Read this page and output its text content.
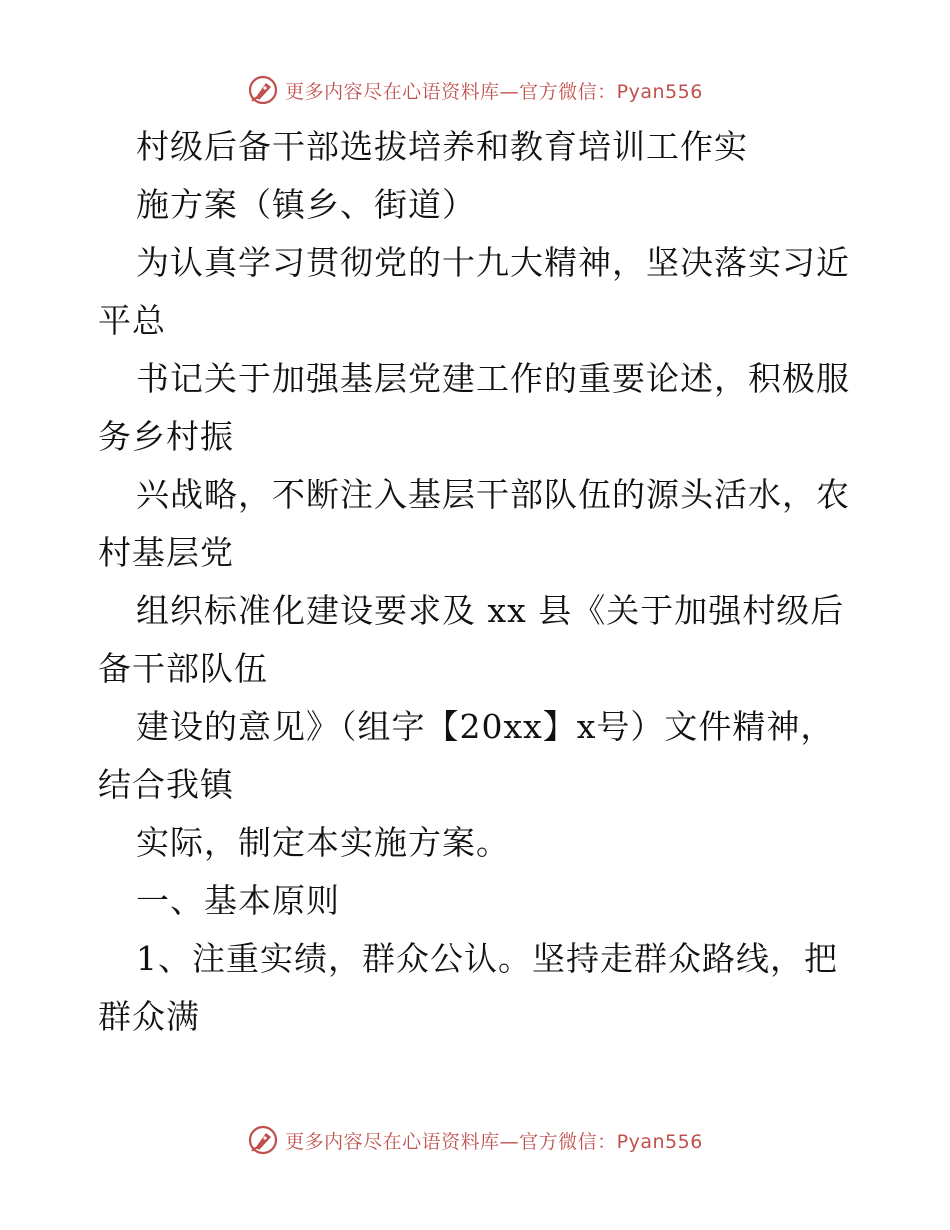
更多内容尽在心语资料库—官方微信：Pyan556
村级后备干部选拔培养和教育培训工作实
施方案（镇乡、街道）
为认真学习贯彻党的十九大精神，坚决落实习近
平总
书记关于加强基层党建工作的重要论述，积极服
务乡村振
兴战略，不断注入基层干部队伍的源头活水，农
村基层党
组织标准化建设要求及 xx 县《关于加强村级后
备干部队伍
建设的意见》（组字【20xx】x号）文件精神，
结合我镇
实际，制定本实施方案。
一、基本原则
1、注重实绩，群众公认。坚持走群众路线，把
群众满
更多内容尽在心语资料库—官方微信：Pyan556
